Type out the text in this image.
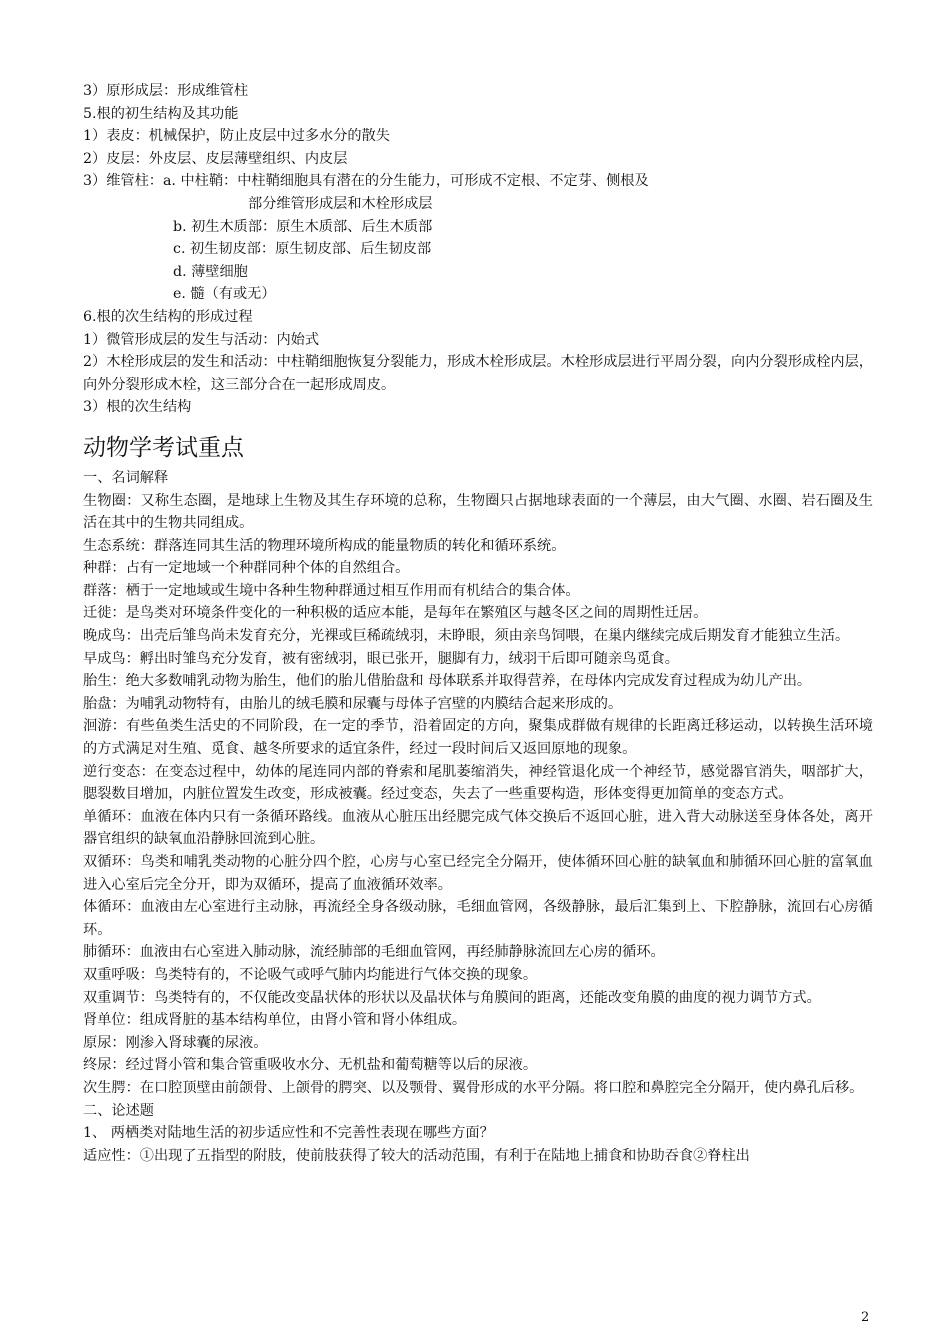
3）原形成层：形成维管柱

5.根的初生结构及其功能

1）表皮：机械保护，防止皮层中过多水分的散失

2）皮层：外皮层、皮层薄壁组织、内皮层

3）维管柱：a. 中柱鞘：中柱鞘细胞具有潜在的分生能力，可形成不定根、不定芽、侧根及

部分维管形成层和木栓形成层

b. 初生木质部：原生木质部、后生木质部

c. 初生韧皮部：原生韧皮部、后生韧皮部

d. 薄壁细胞

e. 髓（有或无）

6.根的次生结构的形成过程

1）微管形成层的发生与活动：内始式

2）木栓形成层的发生和活动：中柱鞘细胞恢复分裂能力，形成木栓形成层。木栓形成层进行平周分裂，向内分裂形成栓内层，向外分裂形成木栓，这三部分合在一起形成周皮。

3）根的次生结构

动物学考试重点

一、名词解释

生物圈：又称生态圈，是地球上生物及其生存环境的总称，生物圈只占据地球表面的一个薄层，由大气圈、水圈、岩石圈及生活在其中的生物共同组成。

生态系统：群落连同其生活的物理环境所构成的能量物质的转化和循环系统。

种群：占有一定地域一个种群同种个体的自然组合。

群落：栖于一定地域或生境中各种生物种群通过相互作用而有机结合的集合体。

迁徙：是鸟类对环境条件变化的一种积极的适应本能，是每年在繁殖区与越冬区之间的周期性迁居。

晚成鸟：出壳后雏鸟尚未发育充分，光裸或巨稀疏绒羽，未睁眼，须由亲鸟饲喂，在巢内继续完成后期发育才能独立生活。

早成鸟：孵出时雏鸟充分发育，被有密绒羽，眼已张开，腿脚有力，绒羽干后即可随亲鸟觅食。

胎生：绝大多数哺乳动物为胎生，他们的胎儿借胎盘和 母体联系并取得营养，在母体内完成发育过程成为幼儿产出。

胎盘：为哺乳动物特有，由胎儿的绒毛膜和尿囊与母体子宫壁的内膜结合起来形成的。

洄游：有些鱼类生活史的不同阶段，在一定的季节，沿着固定的方向，聚集成群做有规律的长距离迁移运动，以转换生活环境的方式满足对生殖、觅食、越冬所要求的适宜条件，经过一段时间后又返回原地的现象。

逆行变态：在变态过程中，幼体的尾连同内部的脊索和尾肌萎缩消失，神经管退化成一个神经节，感觉器官消失，咽部扩大，腮裂数目增加，内脏位置发生改变，形成被囊。经过变态，失去了一些重要构造，形体变得更加简单的变态方式。

单循环：血液在体内只有一条循环路线。血液从心脏压出经腮完成气体交换后不返回心脏，进入背大动脉送至身体各处，离开器官组织的缺氧血沿静脉回流到心脏。

双循环：鸟类和哺乳类动物的心脏分四个腔，心房与心室已经完全分隔开，使体循环回心脏的缺氧血和肺循环回心脏的富氧血进入心室后完全分开，即为双循环，提高了血液循环效率。

体循环：血液由左心室进行主动脉，再流经全身各级动脉，毛细血管网，各级静脉，最后汇集到上、下腔静脉，流回右心房循环。

肺循环：血液由右心室进入肺动脉，流经肺部的毛细血管网，再经肺静脉流回左心房的循环。

双重呼吸：鸟类特有的，不论吸气或呼气肺内均能进行气体交换的现象。

双重调节：鸟类特有的，不仅能改变晶状体的形状以及晶状体与角膜间的距离，还能改变角膜的曲度的视力调节方式。

肾单位：组成肾脏的基本结构单位，由肾小管和肾小体组成。

原尿：刚渗入肾球囊的尿液。

终尿：经过肾小管和集合管重吸收水分、无机盐和葡萄糖等以后的尿液。

次生腭：在口腔顶壁由前颌骨、上颌骨的腭突、以及颚骨、翼骨形成的水平分隔。将口腔和鼻腔完全分隔开，使内鼻孔后移。

二、论述题

1、 两栖类对陆地生活的初步适应性和不完善性表现在哪些方面？

适应性：①出现了五指型的附肢，使前肢获得了较大的活动范围，有利于在陆地上捕食和协助吞食②脊柱出

2
